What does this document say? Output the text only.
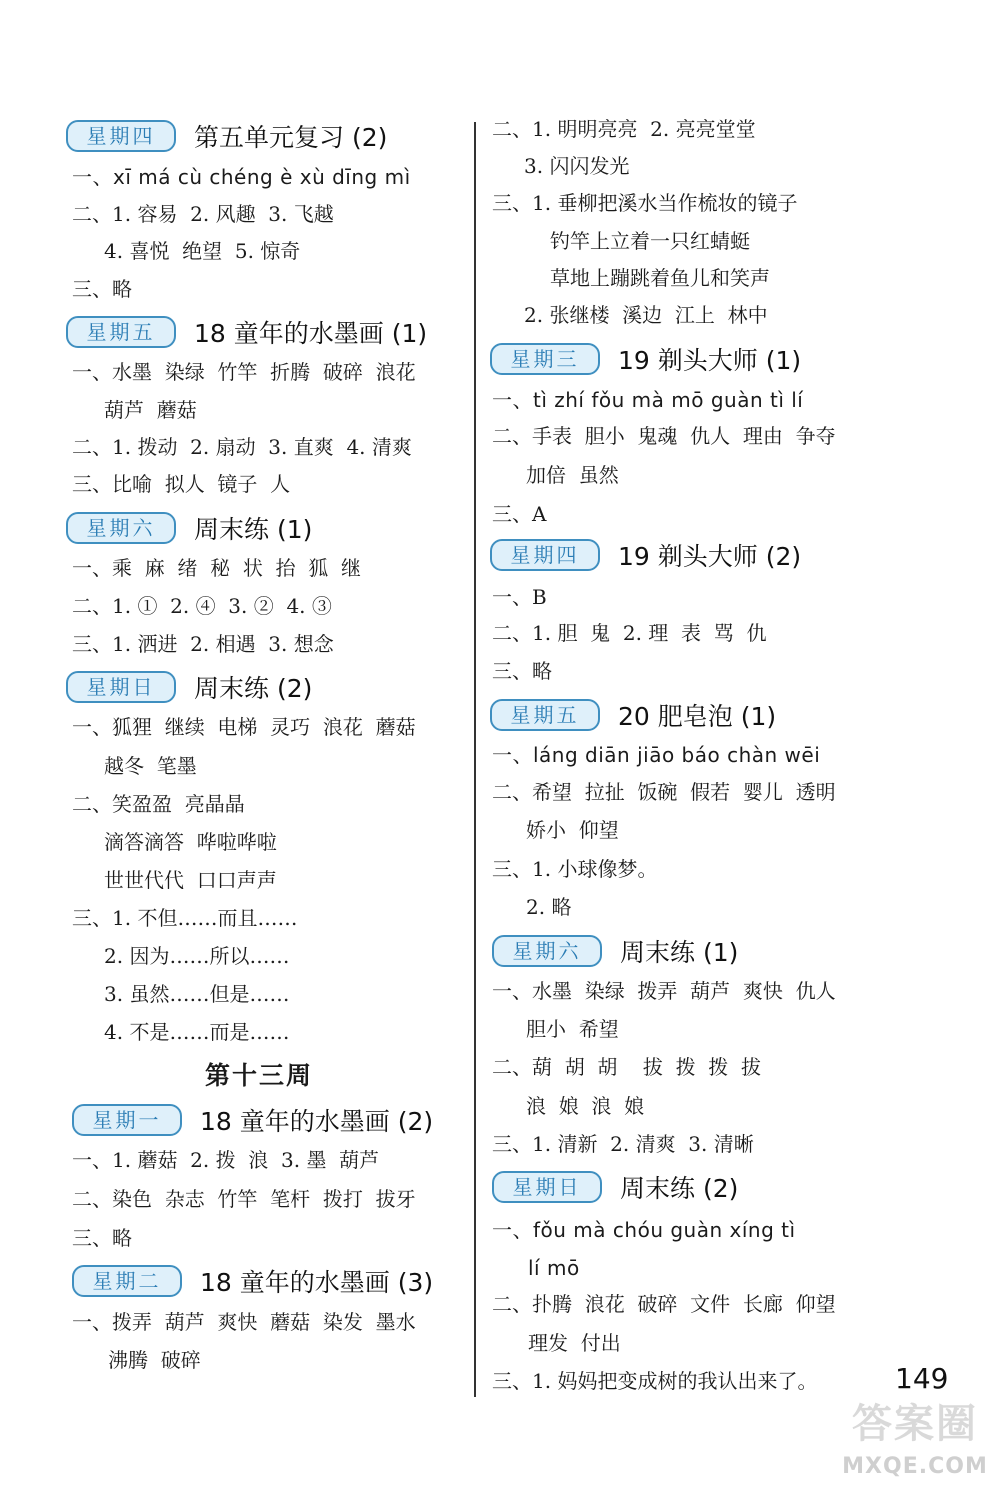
星期四	第五单元复习 (2)
一、xī má cù chéng è xù dīng mì
二、1. 容易  2. 风趣  3. 飞越
4. 喜悦  绝望  5. 惊奇
三、略
星期五	18 童年的水墨画 (1)
一、水墨  染绿  竹竿  折腾  破碎  浪花
葫芦  蘑菇
二、1. 拨动  2. 扇动  3. 直爽  4. 清爽
三、比喻  拟人  镜子  人
星期六	周末练 (1)
一、乘  麻  绪  秘  状  抬  狐  继
二、1. ①  2. ④  3. ②  4. ③
三、1. 洒进  2. 相遇  3. 想念
星期日	周末练 (2)
一、狐狸  继续  电梯  灵巧  浪花  蘑菇
越冬  笔墨
二、笑盈盈  亮晶晶
滴答滴答  哗啦哗啦
世世代代  口口声声
三、1. 不但……而且……
2. 因为……所以……
3. 虽然……但是……
4. 不是……而是……
第十三周
星期一	18 童年的水墨画 (2)
一、1. 蘑菇  2. 拨  浪  3. 墨  葫芦
二、染色  杂志  竹竿  笔杆  拨打  拔牙
三、略
星期二	18 童年的水墨画 (3)
一、拨弄  葫芦  爽快  蘑菇  染发  墨水
沸腾  破碎
二、1. 明明亮亮  2. 亮亮堂堂
3. 闪闪发光
三、1. 垂柳把溪水当作梳妆的镜子
钓竿上立着一只红蜻蜓
草地上蹦跳着鱼儿和笑声
2. 张继楼  溪边  江上  林中
星期三	19 剃头大师 (1)
一、tì zhí fǒu mà mō guàn tì lí
二、手表  胆小  鬼魂  仇人  理由  争夺
加倍  虽然
三、A
星期四	19 剃头大师 (2)
一、B
二、1. 胆  鬼  2. 理  表  骂  仇
三、略
星期五	20 肥皂泡 (1)
一、láng diān jiāo báo chàn wēi
二、希望  拉扯  饭碗  假若  婴儿  透明
娇小  仰望
三、1. 小球像梦。
2. 略
星期六	周末练 (1)
一、水墨  染绿  拨弄  葫芦  爽快  仇人
胆小  希望
二、葫  胡  胡    拔  拨  拨  拔
浪  娘  浪  娘
三、1. 清新  2. 清爽  3. 清晰
星期日	周末练 (2)
一、fǒu mà chóu guàn xíng tì
lí mō
二、扑腾  浪花  破碎  文件  长廊  仰望
理发  付出
三、1. 妈妈把变成树的我认出来了。	149
答案圈
MXQE.COM
